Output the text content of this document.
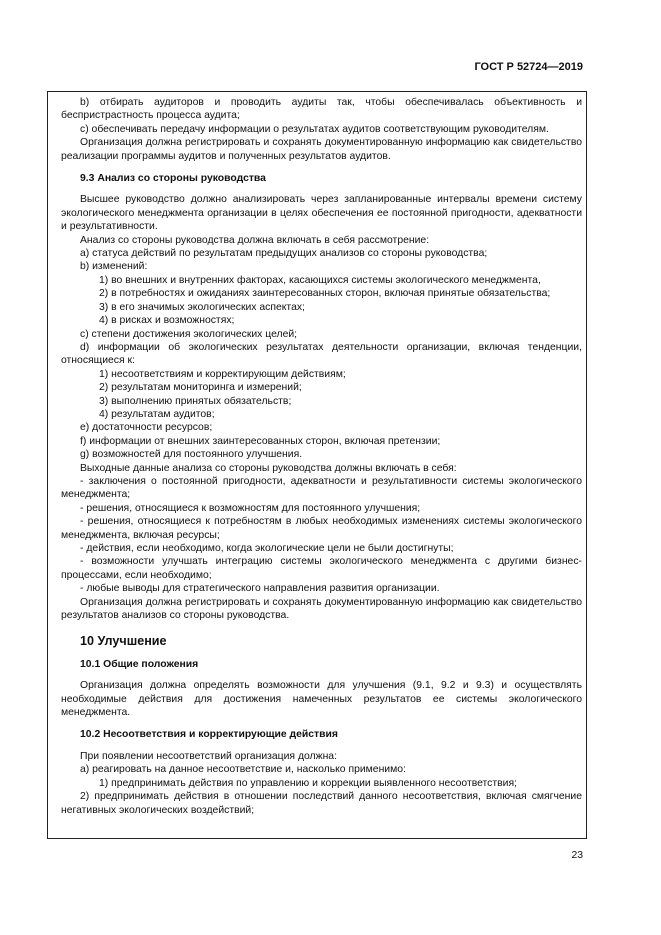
ГОСТ Р 52724—2019

b) отбирать аудиторов и проводить аудиты так, чтобы обеспечивалась объективность и беспристрастность процесса аудита;

c) обеспечивать передачу информации о результатах аудитов соответствующим руководителям.

Организация должна регистрировать и сохранять документированную информацию как свидетельство реализации программы аудитов и полученных результатов аудитов.

9.3 Анализ со стороны руководства

Высшее руководство должно анализировать через запланированные интервалы времени систему экологического менеджмента организации в целях обеспечения ее постоянной пригодности, адекватности и результативности.

Анализ со стороны руководства должна включать в себя рассмотрение:

a) статуса действий по результатам предыдущих анализов со стороны руководства;

b) изменений:

1) во внешних и внутренних факторах, касающихся системы экологического менеджмента,

2) в потребностях и ожиданиях заинтересованных сторон, включая принятые обязательства;

3) в его значимых экологических аспектах;

4) в рисках и возможностях;

c) степени достижения экологических целей;

d) информации об экологических результатах деятельности организации, включая тенденции, относящиеся к:

1) несоответствиям и корректирующим действиям;

2) результатам мониторинга и измерений;

3) выполнению принятых обязательств;

4) результатам аудитов;

e) достаточности ресурсов;

f) информации от внешних заинтересованных сторон, включая претензии;

g) возможностей для постоянного улучшения.

Выходные данные анализа со стороны руководства должны включать в себя:

- заключения о постоянной пригодности, адекватности и результативности системы экологического менеджмента;

- решения, относящиеся к возможностям для постоянного улучшения;

- решения, относящиеся к потребностям в любых необходимых изменениях системы экологического менеджмента, включая ресурсы;

- действия, если необходимо, когда экологические цели не были достигнуты;

- возможности улучшать интеграцию системы экологического менеджмента с другими бизнес-процессами, если необходимо;

- любые выводы для стратегического направления развития организации.

Организация должна регистрировать и сохранять документированную информацию как свидетельство результатов анализов со стороны руководства.

10 Улучшение
10.1 Общие положения

Организация должна определять возможности для улучшения (9.1, 9.2 и 9.3) и осуществлять необходимые действия для достижения намеченных результатов ее системы экологического менеджмента.

10.2 Несоответствия и корректирующие действия

При появлении несоответствий организация должна:

a) реагировать на данное несоответствие и, насколько применимо:

1) предпринимать действия по управлению и коррекции выявленного несоответствия;

2) предпринимать действия в отношении последствий данного несоответствия, включая смягчение негативных экологических воздействий;

23
